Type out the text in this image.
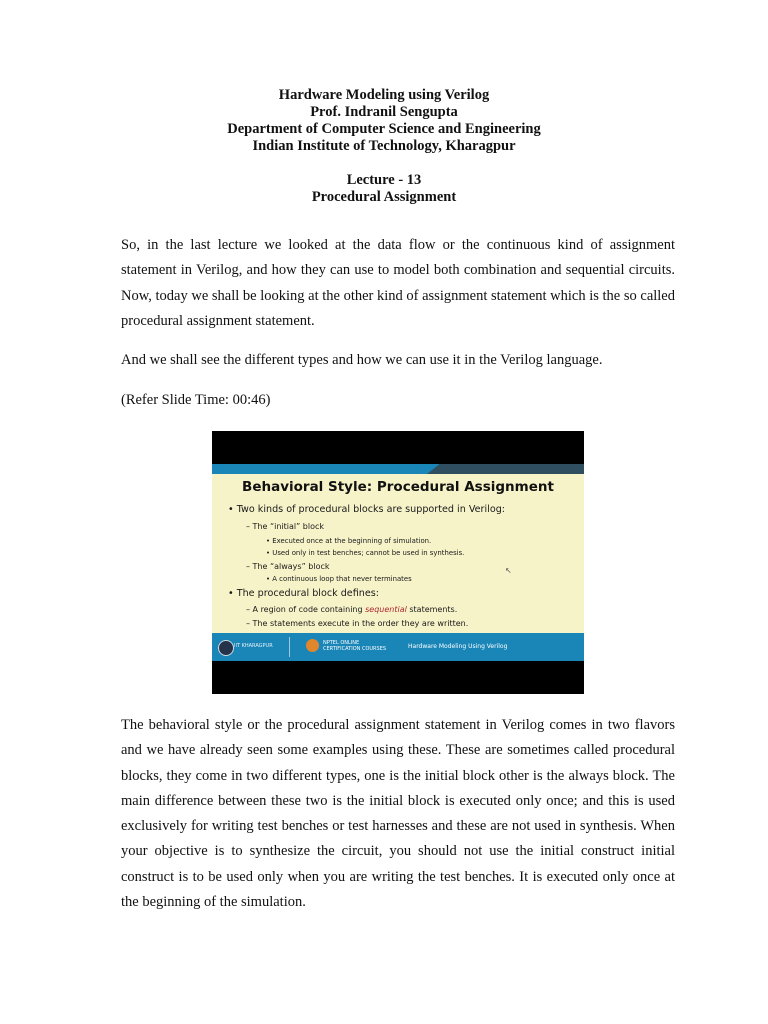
Hardware Modeling using Verilog
Prof. Indranil Sengupta
Department of Computer Science and Engineering
Indian Institute of Technology, Kharagpur
Lecture - 13
Procedural Assignment

So, in the last lecture we looked at the data flow or the continuous kind of assignment statement in Verilog, and how they can use to model both combination and sequential circuits. Now, today we shall be looking at the other kind of assignment statement which is the so called procedural assignment statement.

And we shall see the different types and how we can use it in the Verilog language.

(Refer Slide Time: 00:46)

Behavioral Style: Procedural Assignment
• Two kinds of procedural blocks are supported in Verilog:
– The “initial” block
• Executed once at the beginning of simulation.
• Used only in test benches; cannot be used in synthesis.
– The “always” block
• A continuous loop that never terminates
• The procedural block defines:
– A region of code containing sequential statements.
– The statements execute in the order they are written.
↖
IIT KHARAGPUR	NPTEL ONLINE
CERTIFICATION COURSES	Hardware Modeling Using Verilog

The behavioral style or the procedural assignment statement in Verilog comes in two flavors and we have already seen some examples using these. These are sometimes called procedural blocks, they come in two different types, one is the initial block other is the always block. The main difference between these two is the initial block is executed only once; and this is used exclusively for writing test benches or test harnesses and these are not used in synthesis. When your objective is to synthesize the circuit, you should not use the initial construct initial construct is to be used only when you are writing the test benches. It is executed only once at the beginning of the simulation.
